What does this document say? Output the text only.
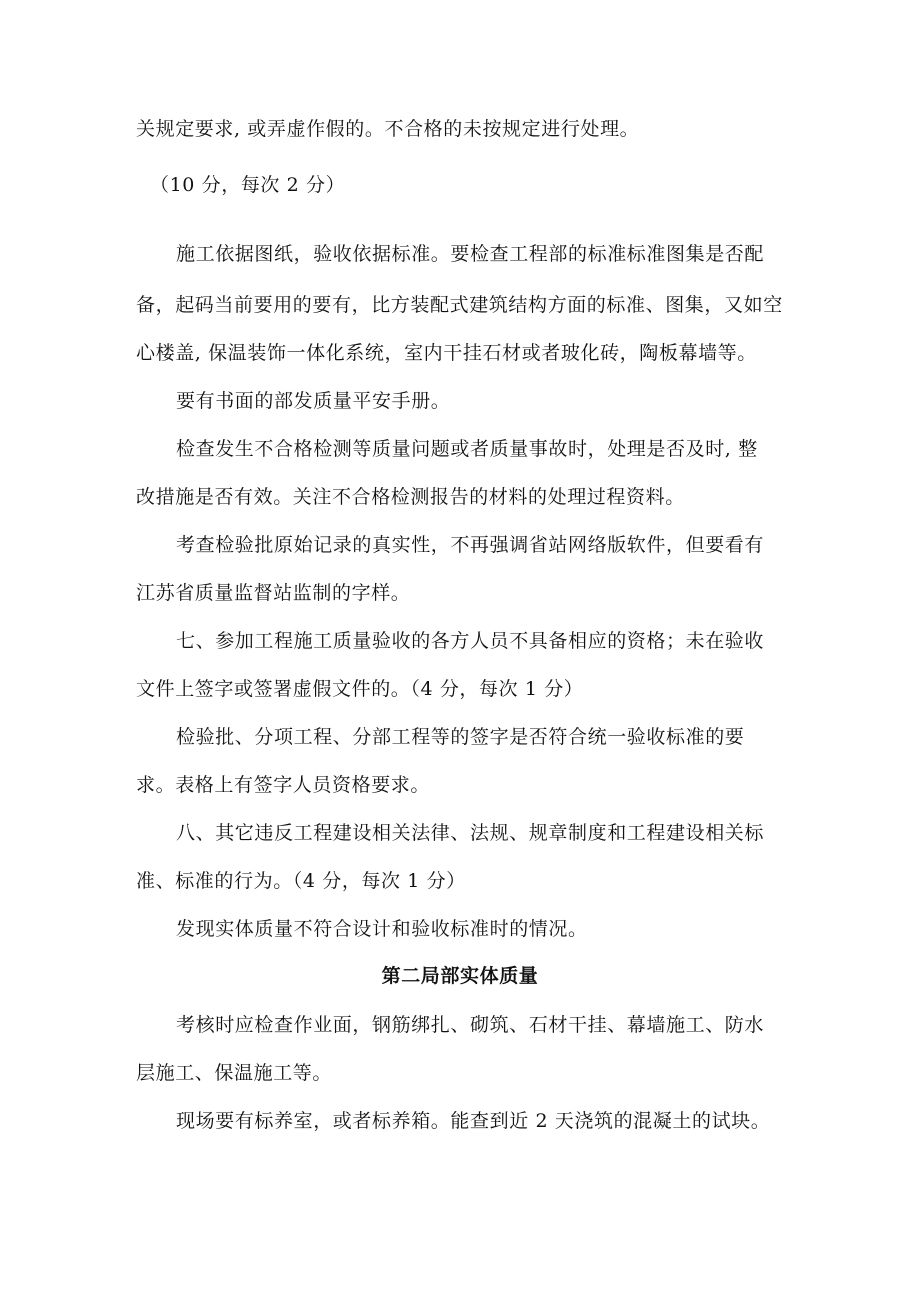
关规定要求, 或弄虚作假的。不合格的未按规定进行处理。
（10 分，每次 2 分）
施工依据图纸，验收依据标准。要检查工程部的标准标准图集是否配
备，起码当前要用的要有，比方装配式建筑结构方面的标准、图集，又如空
心楼盖, 保温装饰一体化系统，室内干挂石材或者玻化砖，陶板幕墙等。
要有书面的部发质量平安手册。
检查发生不合格检测等质量问题或者质量事故时，处理是否及时, 整
改措施是否有效。关注不合格检测报告的材料的处理过程资料。
考查检验批原始记录的真实性，不再强调省站网络版软件，但要看有
江苏省质量监督站监制的字样。
七、参加工程施工质量验收的各方人员不具备相应的资格；未在验收
文件上签字或签署虚假文件的。（4 分，每次 1 分）
检验批、分项工程、分部工程等的签字是否符合统一验收标准的要
求。表格上有签字人员资格要求。
八、其它违反工程建设相关法律、法规、规章制度和工程建设相关标
准、标准的行为。（4 分，每次 1 分）
发现实体质量不符合设计和验收标准时的情况。
第二局部实体质量
考核时应检查作业面，钢筋绑扎、砌筑、石材干挂、幕墙施工、防水
层施工、保温施工等。
现场要有标养室，或者标养箱。能查到近 2 天浇筑的混凝土的试块。
